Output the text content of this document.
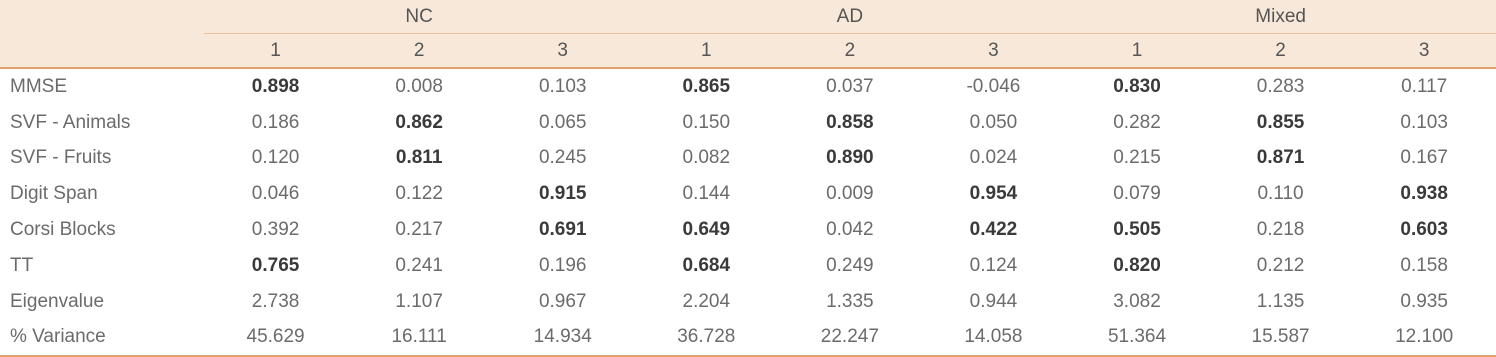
	NC			AD			Mixed		
	1	2	3	1	2	3	1	2	3
MMSE	0.898	0.008	0.103	0.865	0.037	-0.046	0.830	0.283	0.117
SVF - Animals	0.186	0.862	0.065	0.150	0.858	0.050	0.282	0.855	0.103
SVF - Fruits	0.120	0.811	0.245	0.082	0.890	0.024	0.215	0.871	0.167
Digit Span	0.046	0.122	0.915	0.144	0.009	0.954	0.079	0.110	0.938
Corsi Blocks	0.392	0.217	0.691	0.649	0.042	0.422	0.505	0.218	0.603
TT	0.765	0.241	0.196	0.684	0.249	0.124	0.820	0.212	0.158
Eigenvalue	2.738	1.107	0.967	2.204	1.335	0.944	3.082	1.135	0.935
% Variance	45.629	16.111	14.934	36.728	22.247	14.058	51.364	15.587	12.100
